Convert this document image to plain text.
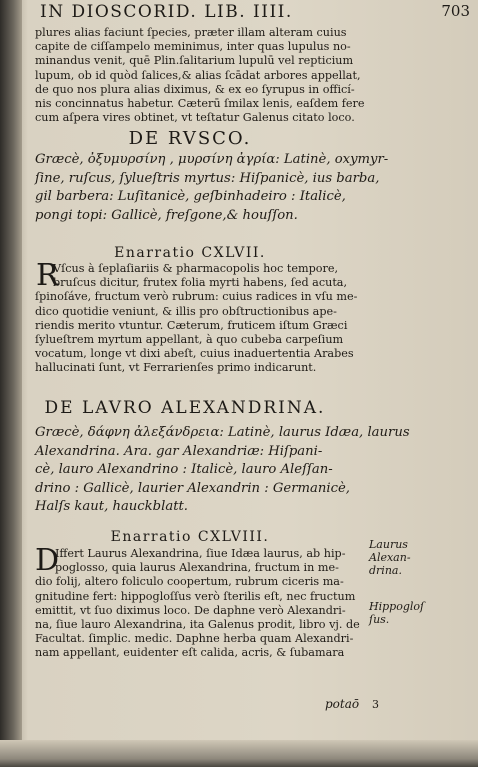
IN DIOSCORID. LIB. IIII.	703
plures alias faciunt ſpecies, præter illam alteram cuius
capite de ciſſampelo meminimus, inter quas lupulus no-
minandus venit, quē Plin.ſalitarium lupulū vel repticium
lupum, ob id quòd ſalices,& alias ſcādat arbores appellat,
de quo nos plura alias diximus, & ex eo ſyrupus in officí-
nis concinnatus habetur. Cæterū ſmilax lenis, eaſdem fere
cum aſpera vires obtinet, vt teſtatur Galenus citato loco.
DE RVSCO.
Græcè, ὀξυμυρσίνη , μυρσίνη ἀγρία: Latinè, oxymyr-
ſine, ruſcus, ſylueſtris myrtus: Hiſpanicè, ius barba,
gil barbera: Luſitanicè, geſbinhadeiro : Italicè,
pongi topi: Gallicè, freſgone,& houſſon.
Enarratio CXLVII.
R
Vſcus à ſeplaſiariis & pharmacopolis hoc tempore,
bruſcus dicitur, frutex folia myrti habens, ſed acuta,
ſpinoſáve, fructum verò rubrum: cuius radices in vſu me-
dico quotidie veniunt, & illis pro obſtructionibus ape-
riendis merito vtuntur. Cæterum, fruticem iſtum Græci
ſylueſtrem myrtum appellant, à quo cubeba carpeſium
vocatum, longe vt dixi abeſt, cuius inaduertentia Arabes
hallucinati ſunt, vt Ferrarienſes primo indicarunt.
DE LAVRO ALEXANDRINA.
Græcè, δάφνη ἀλεξάνδρεια: Latinè, laurus Idæa, laurus
Alexandrina. Ara. gar Alexandriæ: Hiſpani-
cè, lauro Alexandrino : Italicè, lauro Aleſſan-
drino : Gallicè, laurier Alexandrin : Germanicè,
Halſs kaut, hauckblatt.
Enarratio CXLVIII.
D
Iffert Laurus Alexandrina, ſiue Idæa laurus, ab hip-
poglosso, quia laurus Alexandrina, fructum in me-
dio folij, altero foliculo coopertum, rubrum ciceris ma-
gnitudine fert: hippogloſſus verò ſterilis eſt, nec fructum
emittit, vt ſuo diximus loco. De daphne verò Alexandri-
na, ſiue lauro Alexandrina, ita Galenus prodit, libro vj. de
Facultat. ſimplic. medic. Daphne herba quam Alexandri-
nam appellant, euidenter eſt calida, acris, & ſubamara
Laurus
Alexan-
drina.
Hippogloſ
ſus.
potaō 3
